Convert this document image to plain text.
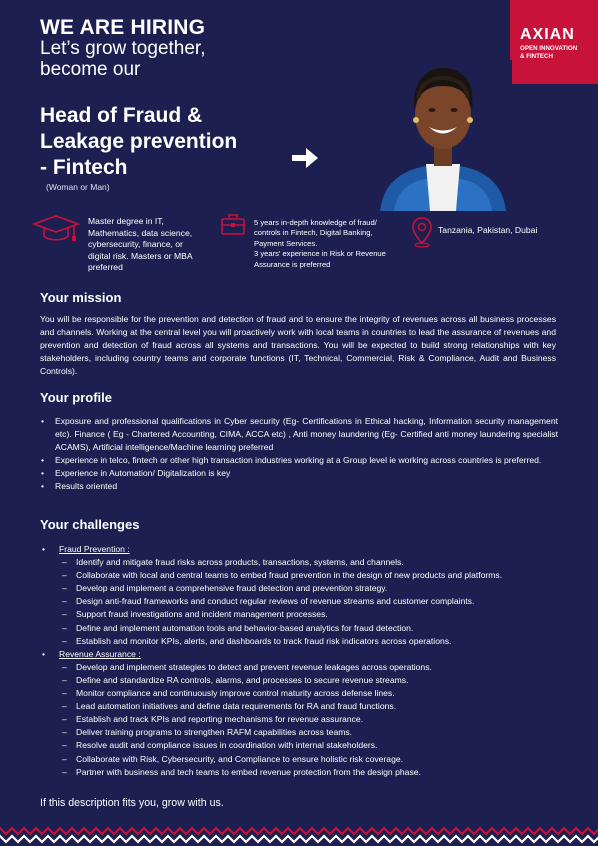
WE ARE HIRING
Let’s grow together,
become our
AXIAN
OPEN INNOVATION
& FINTECH
Head of Fraud &
Leakage prevention
- Fintech
(Woman or Man)
Master degree in IT,
Mathematics, data science,
cybersecurity, finance, or
digital risk. Masters or MBA
preferred
5 years in-depth knowledge of fraud/
controls in Fintech, Digital Banking,
Payment Services.
3 years' experience in Risk or Revenue
Assurance is preferred
Tanzania, Pakistan, Dubai
Your mission

You will be responsible for the prevention and detection of fraud and to ensure the integrity of revenues across all business processes and channels. Working at the central level you will proactively work with local teams in countries to lead the assurance of revenues and prevention and detection of fraud across all systems and transactions. You will be expected to build strong relationships with key stakeholders, including country teams and corporate functions (IT, Technical, Commercial, Risk & Compliance, Audit and Business Controls).

Your profile
• Exposure and professional qualifications in Cyber security (Eg- Certifications in Ethical hacking, Information security management etc). Finance ( Eg - Chartered Accounting, CIMA, ACCA etc) , Anti money laundering (Eg- Certified anti money laundering specialist ACAMS), Artificial intelligence/Machine learning preferred
• Experience in telco, fintech or other high transaction industries working at a Group level ie working across countries is preferred.
• Experience in Automation/ Digitalization is key
• Results oriented
Your challenges
• Fraud Prevention :
– Identify and mitigate fraud risks across products, transactions, systems, and channels.
– Collaborate with local and central teams to embed fraud prevention in the design of new products and platforms.
– Develop and implement a comprehensive fraud detection and prevention strategy.
– Design anti-fraud frameworks and conduct regular reviews of revenue streams and customer complaints.
– Support fraud investigations and incident management processes.
– Define and implement automation tools and behavior-based analytics for fraud detection.
– Establish and monitor KPIs, alerts, and dashboards to track fraud risk indicators across operations.
• Revenue Assurance :
– Develop and implement strategies to detect and prevent revenue leakages across operations.
– Define and standardize RA controls, alarms, and processes to secure revenue streams.
– Monitor compliance and continuously improve control maturity across defense lines.
– Lead automation initiatives and define data requirements for RA and fraud functions.
– Establish and track KPIs and reporting mechanisms for revenue assurance.
– Deliver training programs to strengthen RAFM capabilities across teams.
– Resolve audit and compliance issues in coordination with internal stakeholders.
– Collaborate with Risk, Cybersecurity, and Compliance to ensure holistic risk coverage.
– Partner with business and tech teams to embed revenue protection from the design phase.

If this description fits you, grow with us.
